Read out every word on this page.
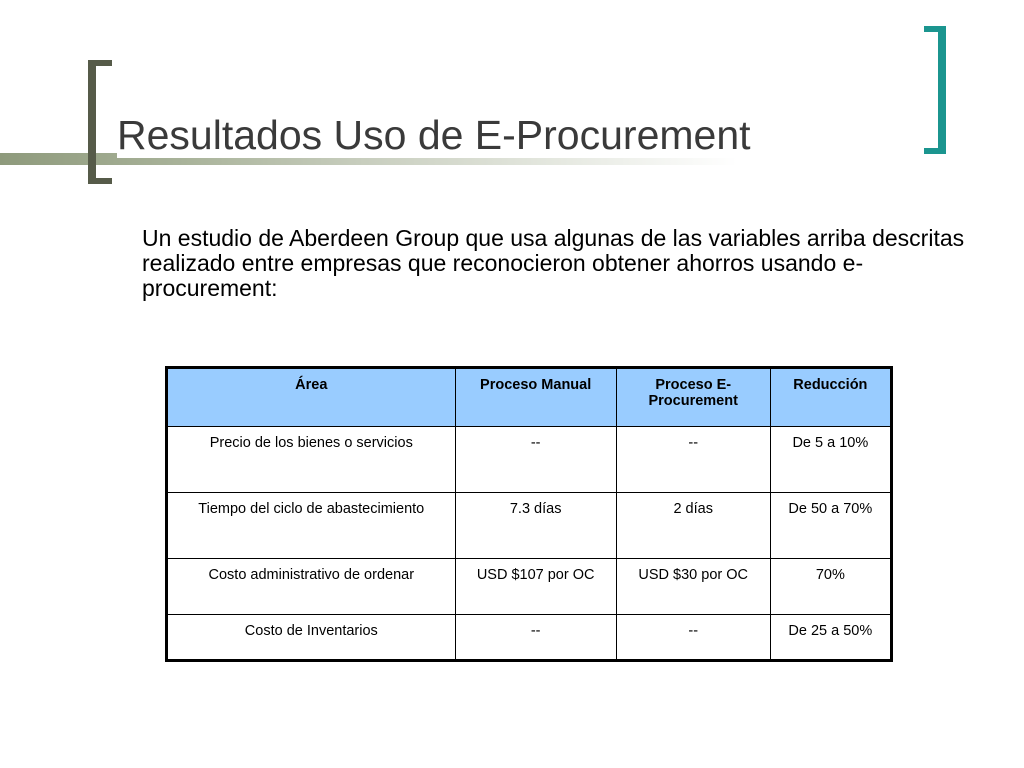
Resultados Uso de E-Procurement
Un estudio de Aberdeen Group que usa algunas de las variables arriba descritas realizado entre empresas que reconocieron obtener ahorros usando e-procurement:
Área	Proceso Manual	Proceso E-Procurement	Reducción
Precio de los bienes o servicios	--	--	De 5 a 10%
Tiempo del ciclo de abastecimiento	7.3 días	2 días	De 50 a 70%
Costo administrativo de ordenar	USD $107 por OC	USD $30 por OC	70%
Costo de Inventarios	--	--	De 25 a 50%
